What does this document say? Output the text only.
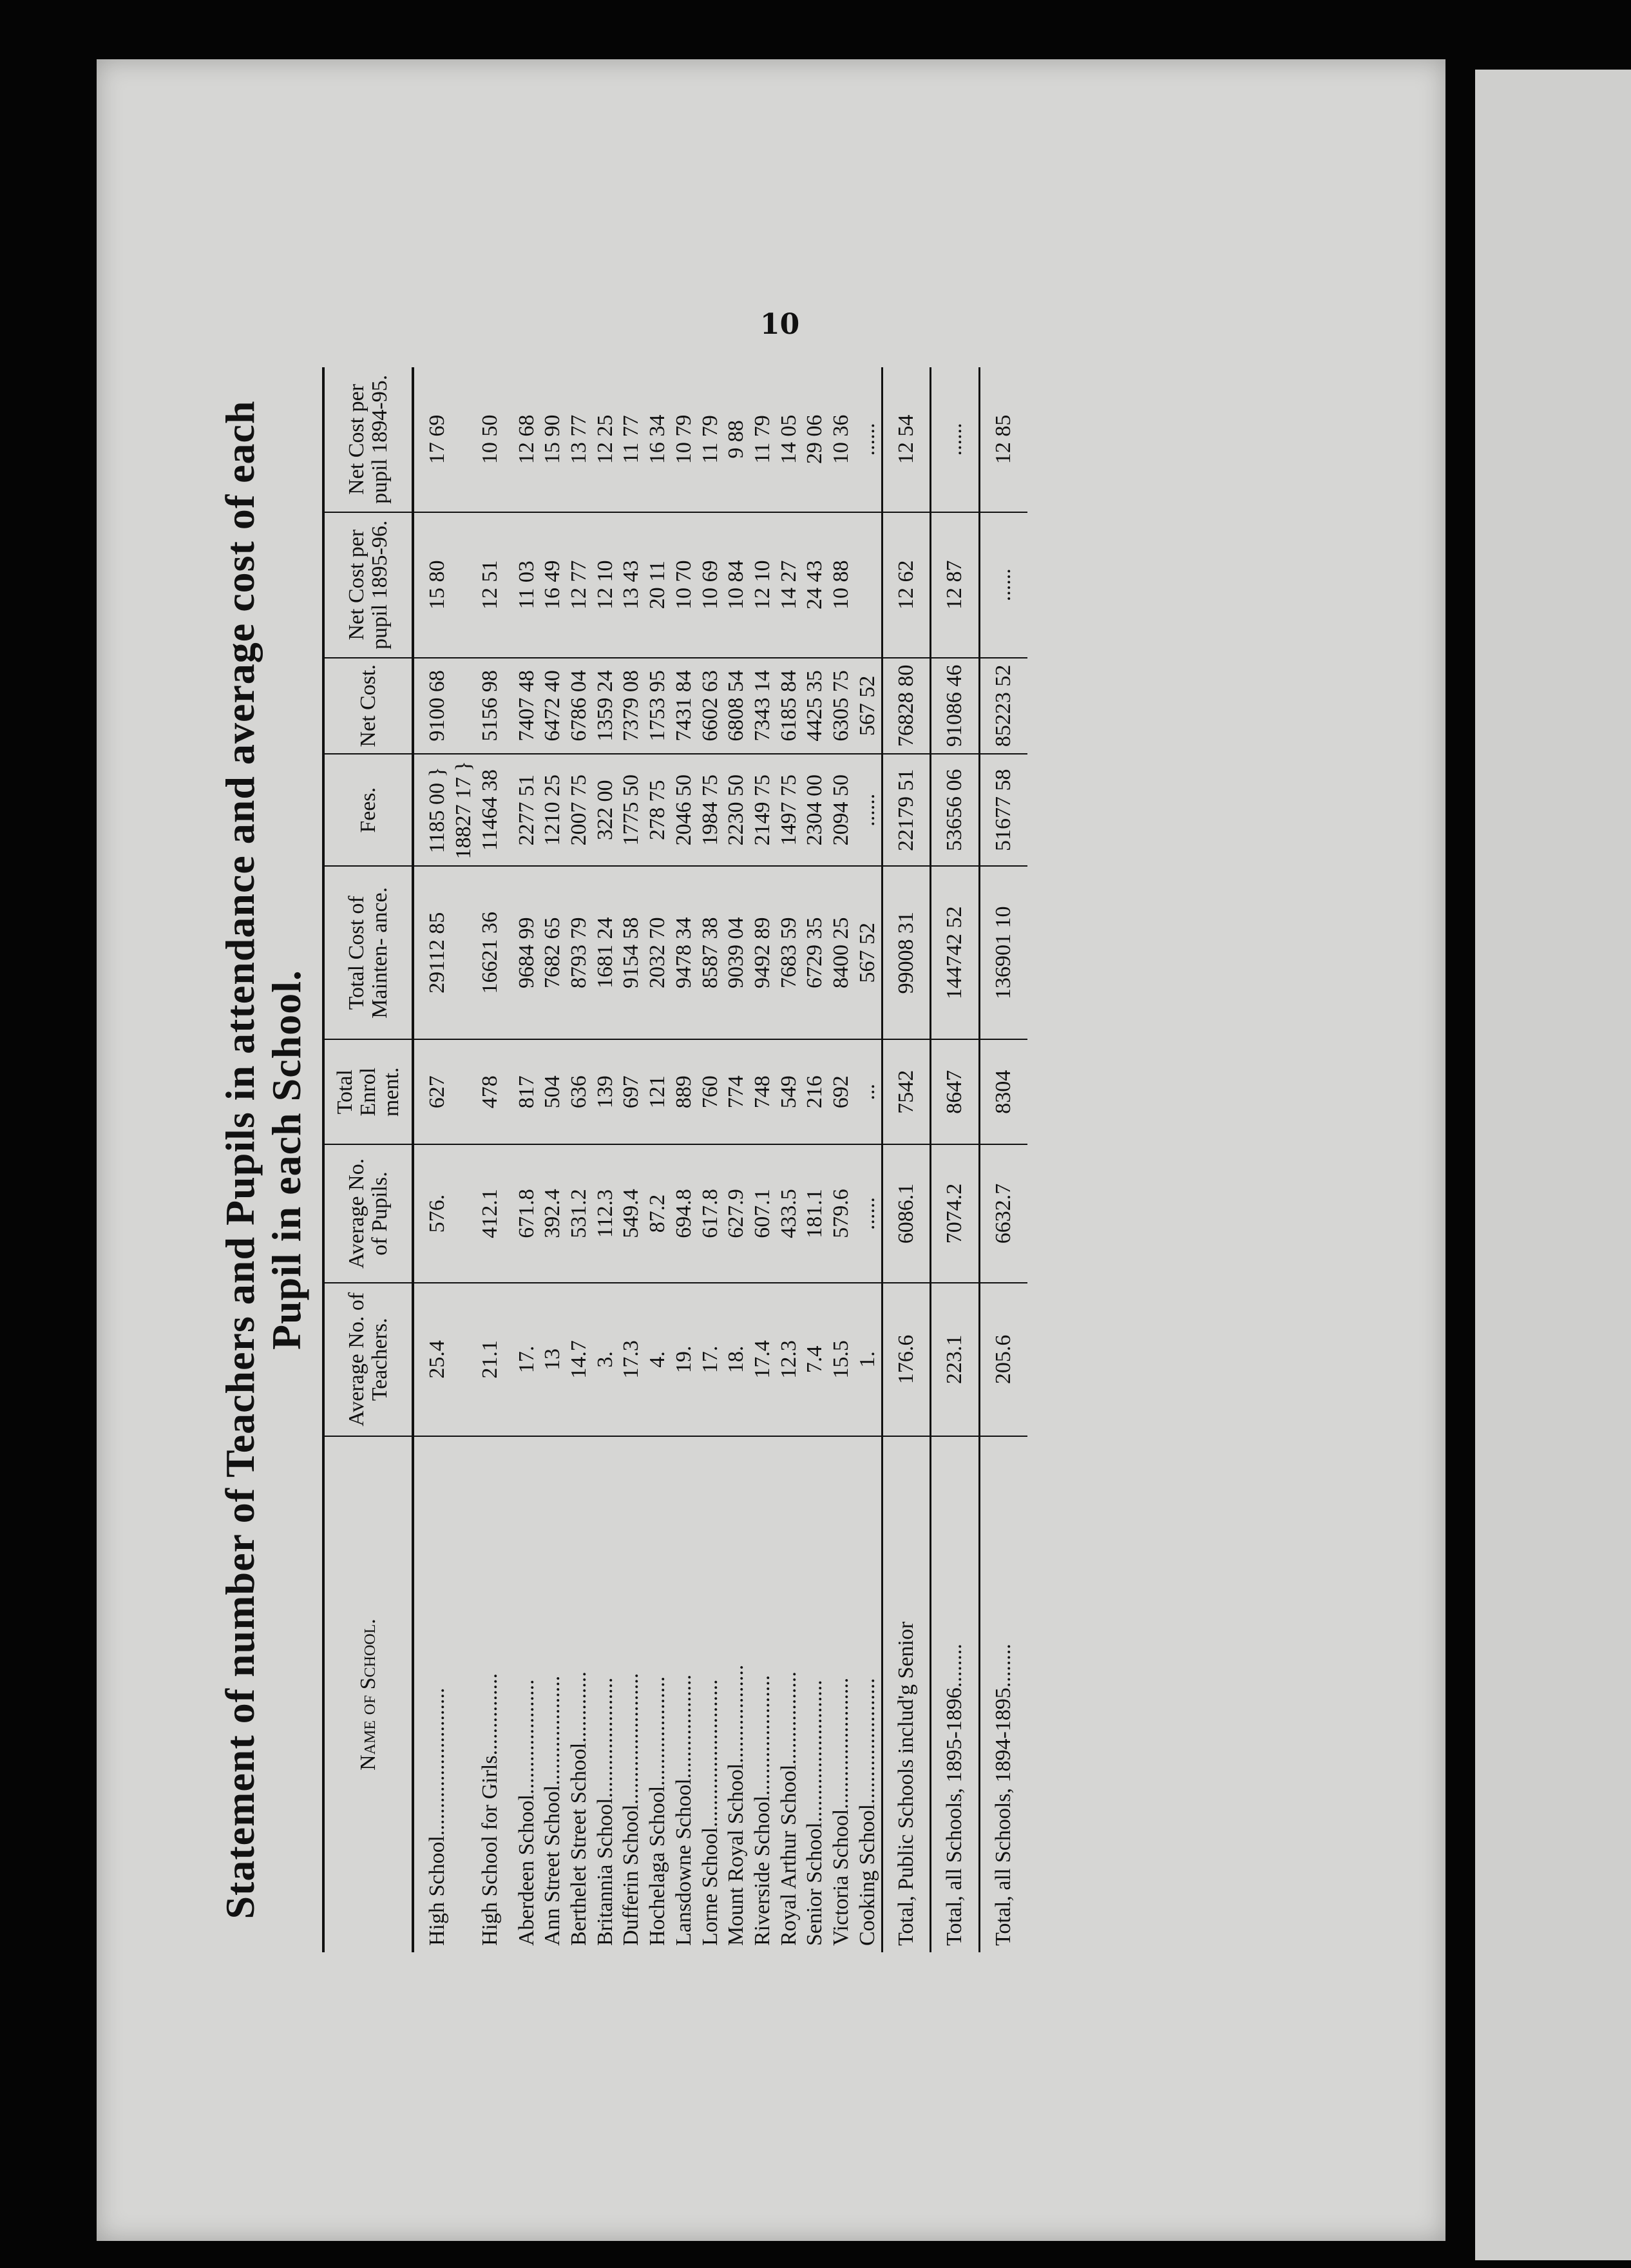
10
Statement of number of Teachers and Pupils in attendance and average cost of each Pupil in each School.
Name of School.	Average No. of Teachers.	Average No. of Pupils.	Total Enrol ment.	Total Cost of Mainten- ance.	Fees.	Net Cost.	Net Cost per pupil 1895-96.	Net Cost per pupil 1894-95.
High School...........................	25.4	576.	627	29112 85	1185 00 }	9100 68	15 80	17 69
					18827 17 }			
High School for Girls...............	21.1	412.1	478	16621 36	11464 38	5156 98	12 51	10 50
Aberdeen School.....................	17.	671.8	817	9684 99	2277 51	7407 48	11 03	12 68
Ann Street School....................	13	392.4	504	7682 65	1210 25	6472 40	16 49	15 90
Berthelet Street School.............	14.7	531.2	636	8793 79	2007 75	6786 04	12 77	13 77
Britannia School......................	3.	112.3	139	1681 24	322 00	1359 24	12 10	12 25
Dufferin School........................	17.3	549.4	697	9154 58	1775 50	7379 08	13 43	11 77
Hochelaga School....................	4.	87.2	121	2032 70	278 75	1753 95	20 11	16 34
Lansdowne School...................	19.	694.8	889	9478 34	2046 50	7431 84	10 70	10 79
Lorne School...........................	17.	617.8	760	8587 38	1984 75	6602 63	10 69	11 79
Mount Royal School..................	18.	627.9	774	9039 04	2230 50	6808 54	10 84	9 88
Riverside School......................	17.4	607.1	748	9492 89	2149 75	7343 14	12 10	11 79
Royal Arthur School.................	12.3	433.5	549	7683 59	1497 75	6185 84	14 27	14 05
Senior School..........................	7.4	181.1	216	6729 35	2304 00	4425 35	24 43	29 06
Victoria School........................	15.5	579.6	692	8400 25	2094 50	6305 75	10 88	10 36
Cooking School.......................	1.	......	...	567 52	......	567 52		......
Total, Public Schools includ'g Senior	176.6	6086.1	7542	99008 31	22179 51	76828 80	12 62	12 54
Total, all Schools, 1895-1896........	223.1	7074.2	8647	144742 52	53656 06	91086 46	12 87	......
Total, all Schools, 1894-1895........	205.6	6632.7	8304	136901 10	51677 58	85223 52	......	12 85
